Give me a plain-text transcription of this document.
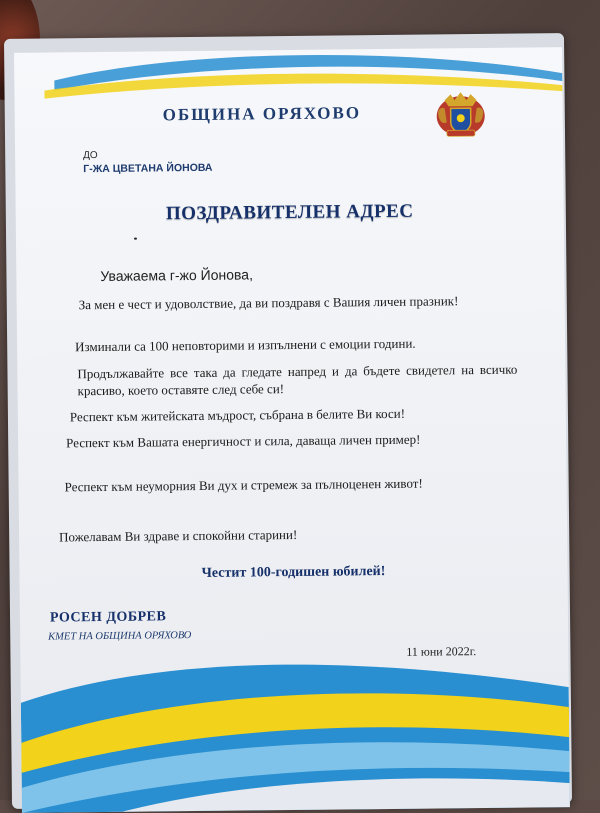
ОБЩИНА ОРЯХОВО
ДО
Г-ЖА ЦВЕТАНА ЙОНОВА
ПОЗДРАВИТЕЛЕН АДРЕС
Уважаема г-жо Йонова,
За мен е чест и удоволствие, да ви поздравя с Вашия личен празник!
Изминали са 100 неповторими и изпълнени с емоции години.
Продължавайте все така да гледате напред и да бъдете свидетел на всичко красиво, което оставяте след себе си!
Респект към житейската мъдрост, събрана в белите Ви коси!
Респект към Вашата енергичност и сила, даваща личен пример!
Респект към неуморния Ви дух и стремеж за пълноценен живот!
Пожелавам Ви здраве и спокойни старини!
Честит 100-годишен юбилей!
РОСЕН ДОБРЕВ
КМЕТ НА ОБЩИНА ОРЯХОВО
11 юни 2022г.
